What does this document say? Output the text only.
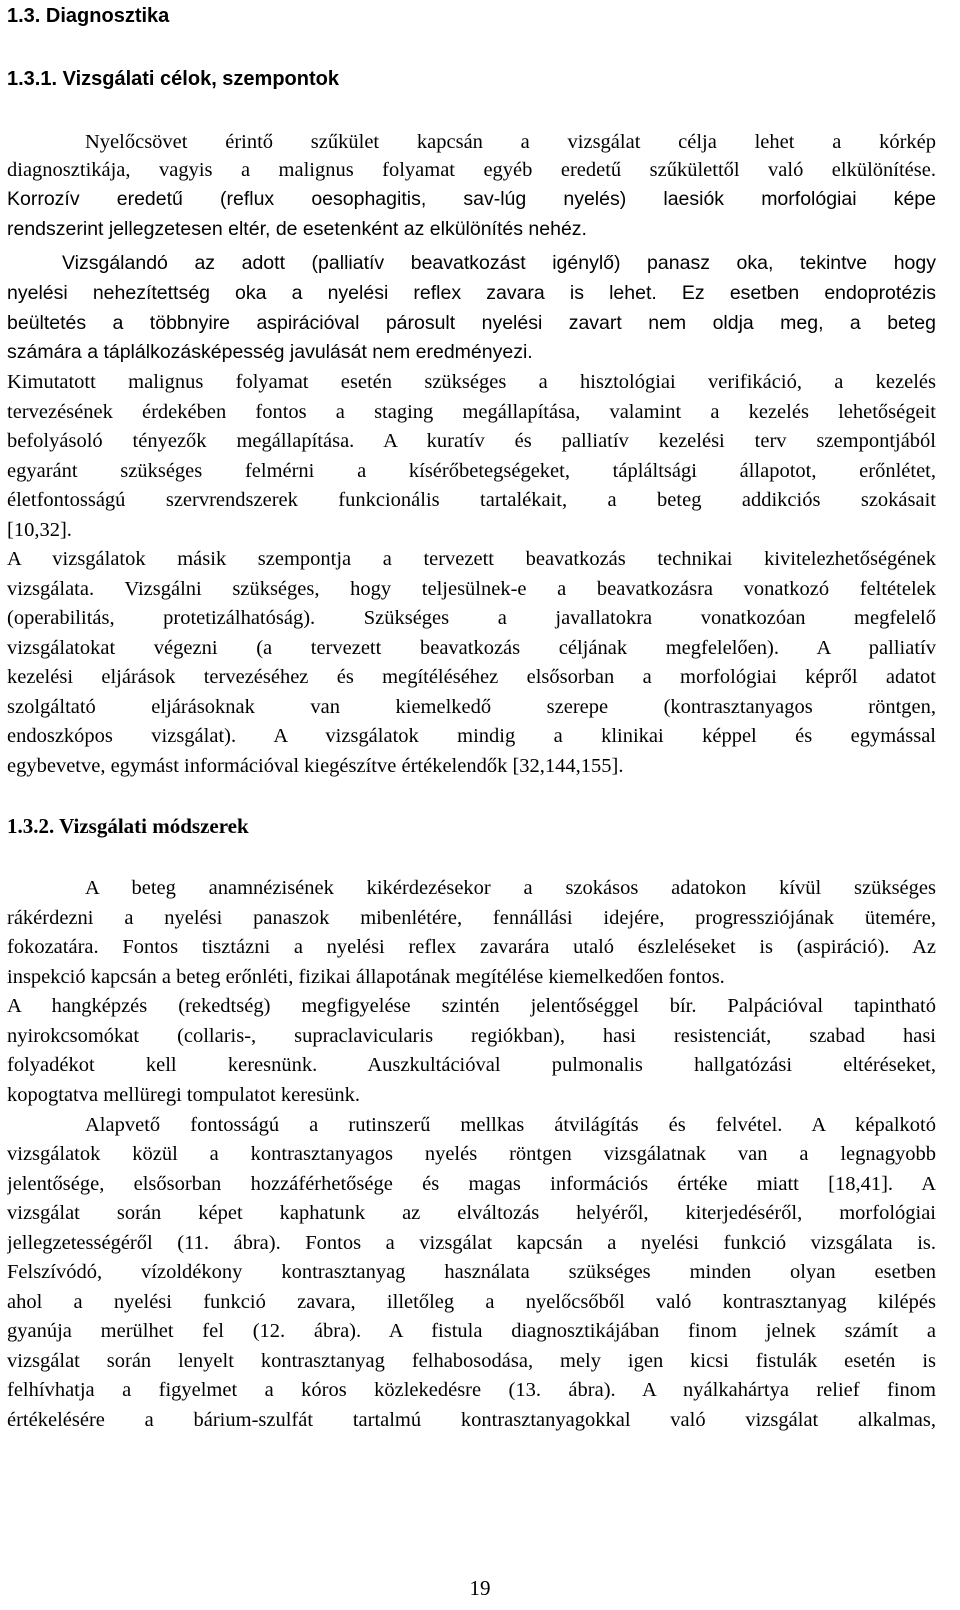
1.3. Diagnosztika
1.3.1. Vizsgálati célok, szempontok
Nyelőcsövet érintő szűkület kapcsán a vizsgálat célja lehet a kórkép
diagnosztikája, vagyis a malignus folyamat egyéb eredetű szűkülettől való elkülönítése.
Korrozív eredetű (reflux oesophagitis, sav-lúg nyelés) laesiók morfológiai képe
rendszerint jellegzetesen eltér, de esetenként az elkülönítés nehéz.
Vizsgálandó az adott (palliatív beavatkozást igénylő) panasz oka, tekintve hogy
nyelési nehezítettség oka a nyelési reflex zavara is lehet. Ez esetben endoprotézis
beültetés a többnyire aspirációval párosult nyelési zavart nem oldja meg, a beteg
számára a táplálkozásképesség javulását nem eredményezi.
Kimutatott malignus folyamat esetén szükséges a hisztológiai verifikáció, a kezelés
tervezésének érdekében fontos a staging megállapítása, valamint a kezelés lehetőségeit
befolyásoló tényezők megállapítása. A kuratív és palliatív kezelési terv szempontjából
egyaránt szükséges felmérni a kísérőbetegségeket, tápláltsági állapotot, erőnlétet,
életfontosságú szervrendszerek funkcionális tartalékait, a beteg addikciós szokásait
[10,32].
A vizsgálatok másik szempontja a tervezett beavatkozás technikai kivitelezhetőségének
vizsgálata. Vizsgálni szükséges, hogy teljesülnek-e a beavatkozásra vonatkozó feltételek
(operabilitás, protetizálhatóság). Szükséges a javallatokra vonatkozóan megfelelő
vizsgálatokat végezni (a tervezett beavatkozás céljának megfelelően). A palliatív
kezelési eljárások tervezéséhez és megítéléséhez elsősorban a morfológiai képről adatot
szolgáltató eljárásoknak van kiemelkedő szerepe (kontrasztanyagos röntgen,
endoszkópos vizsgálat). A vizsgálatok mindig a klinikai képpel és egymással
egybevetve, egymást információval kiegészítve értékelendők [32,144,155].
1.3.2. Vizsgálati módszerek
A beteg anamnézisének kikérdezésekor a szokásos adatokon kívül szükséges
rákérdezni a nyelési panaszok mibenlétére, fennállási idejére, progressziójának ütemére,
fokozatára. Fontos tisztázni a nyelési reflex zavarára utaló észleléseket is (aspiráció). Az
inspekció kapcsán a beteg erőnléti, fizikai állapotának megítélése kiemelkedően fontos.
A hangképzés (rekedtség) megfigyelése szintén jelentőséggel bír. Palpációval tapintható
nyirokcsomókat (collaris-, supraclavicularis regiókban), hasi resistenciát, szabad hasi
folyadékot kell keresnünk. Auszkultációval pulmonalis hallgatózási eltéréseket,
kopogtatva mellüregi tompulatot keresünk.
Alapvető fontosságú a rutinszerű mellkas átvilágítás és felvétel. A képalkotó
vizsgálatok közül a kontrasztanyagos nyelés röntgen vizsgálatnak van a legnagyobb
jelentősége, elsősorban hozzáférhetősége és magas információs értéke miatt [18,41]. A
vizsgálat során képet kaphatunk az elváltozás helyéről, kiterjedéséről, morfológiai
jellegzetességéről (11. ábra). Fontos a vizsgálat kapcsán a nyelési funkció vizsgálata is.
Felszívódó, vízoldékony kontrasztanyag használata szükséges minden olyan esetben
ahol a nyelési funkció zavara, illetőleg a nyelőcsőből való kontrasztanyag kilépés
gyanúja merülhet fel (12. ábra). A fistula diagnosztikájában finom jelnek számít a
vizsgálat során lenyelt kontrasztanyag felhabosodása, mely igen kicsi fistulák esetén is
felhívhatja a figyelmet a kóros közlekedésre (13. ábra). A nyálkahártya relief finom
értékelésére a bárium-szulfát tartalmú kontrasztanyagokkal való vizsgálat alkalmas,
19
